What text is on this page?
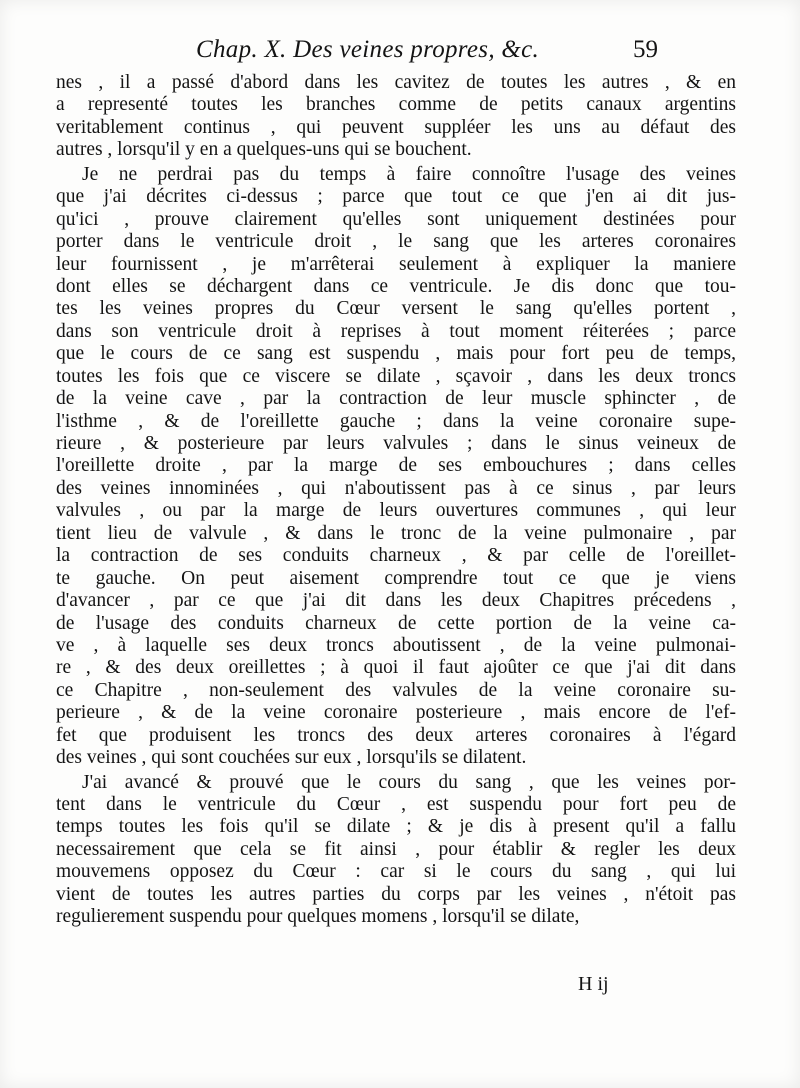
Chap. X. Des veines propres, &c.	59
nes , il a passé d'abord dans les cavitez de toutes les autres , & en
a representé toutes les branches comme de petits canaux argentins
veritablement continus , qui peuvent suppléer les uns au défaut des
autres , lorsqu'il y en a quelques-uns qui se bouchent.
Je ne perdrai pas du temps à faire connoître l'usage des veines
que j'ai décrites ci-dessus ; parce que tout ce que j'en ai dit jus-
qu'ici , prouve clairement qu'elles sont uniquement destinées pour
porter dans le ventricule droit , le sang que les arteres coronaires
leur fournissent , je m'arrêterai seulement à expliquer la maniere
dont elles se déchargent dans ce ventricule. Je dis donc que tou-
tes les veines propres du Cœur versent le sang qu'elles portent ,
dans son ventricule droit à reprises à tout moment réiterées ; parce
que le cours de ce sang est suspendu , mais pour fort peu de temps,
toutes les fois que ce viscere se dilate , sçavoir , dans les deux troncs
de la veine cave , par la contraction de leur muscle sphincter , de
l'isthme , & de l'oreillette gauche ; dans la veine coronaire supe-
rieure , & posterieure par leurs valvules ; dans le sinus veineux de
l'oreillette droite , par la marge de ses embouchures ; dans celles
des veines innominées , qui n'aboutissent pas à ce sinus , par leurs
valvules , ou par la marge de leurs ouvertures communes , qui leur
tient lieu de valvule , & dans le tronc de la veine pulmonaire , par
la contraction de ses conduits charneux , & par celle de l'oreillet-
te gauche. On peut aisement comprendre tout ce que je viens
d'avancer , par ce que j'ai dit dans les deux Chapitres précedens ,
de l'usage des conduits charneux de cette portion de la veine ca-
ve , à laquelle ses deux troncs aboutissent , de la veine pulmonai-
re , & des deux oreillettes ; à quoi il faut ajoûter ce que j'ai dit dans
ce Chapitre , non-seulement des valvules de la veine coronaire su-
perieure , & de la veine coronaire posterieure , mais encore de l'ef-
fet que produisent les troncs des deux arteres coronaires à l'égard
des veines , qui sont couchées sur eux , lorsqu'ils se dilatent.
J'ai avancé & prouvé que le cours du sang , que les veines por-
tent dans le ventricule du Cœur , est suspendu pour fort peu de
temps toutes les fois qu'il se dilate ; & je dis à present qu'il a fallu
necessairement que cela se fit ainsi , pour établir & regler les deux
mouvemens opposez du Cœur : car si le cours du sang , qui lui
vient de toutes les autres parties du corps par les veines , n'étoit pas
regulierement suspendu pour quelques momens , lorsqu'il se dilate,
H ij
